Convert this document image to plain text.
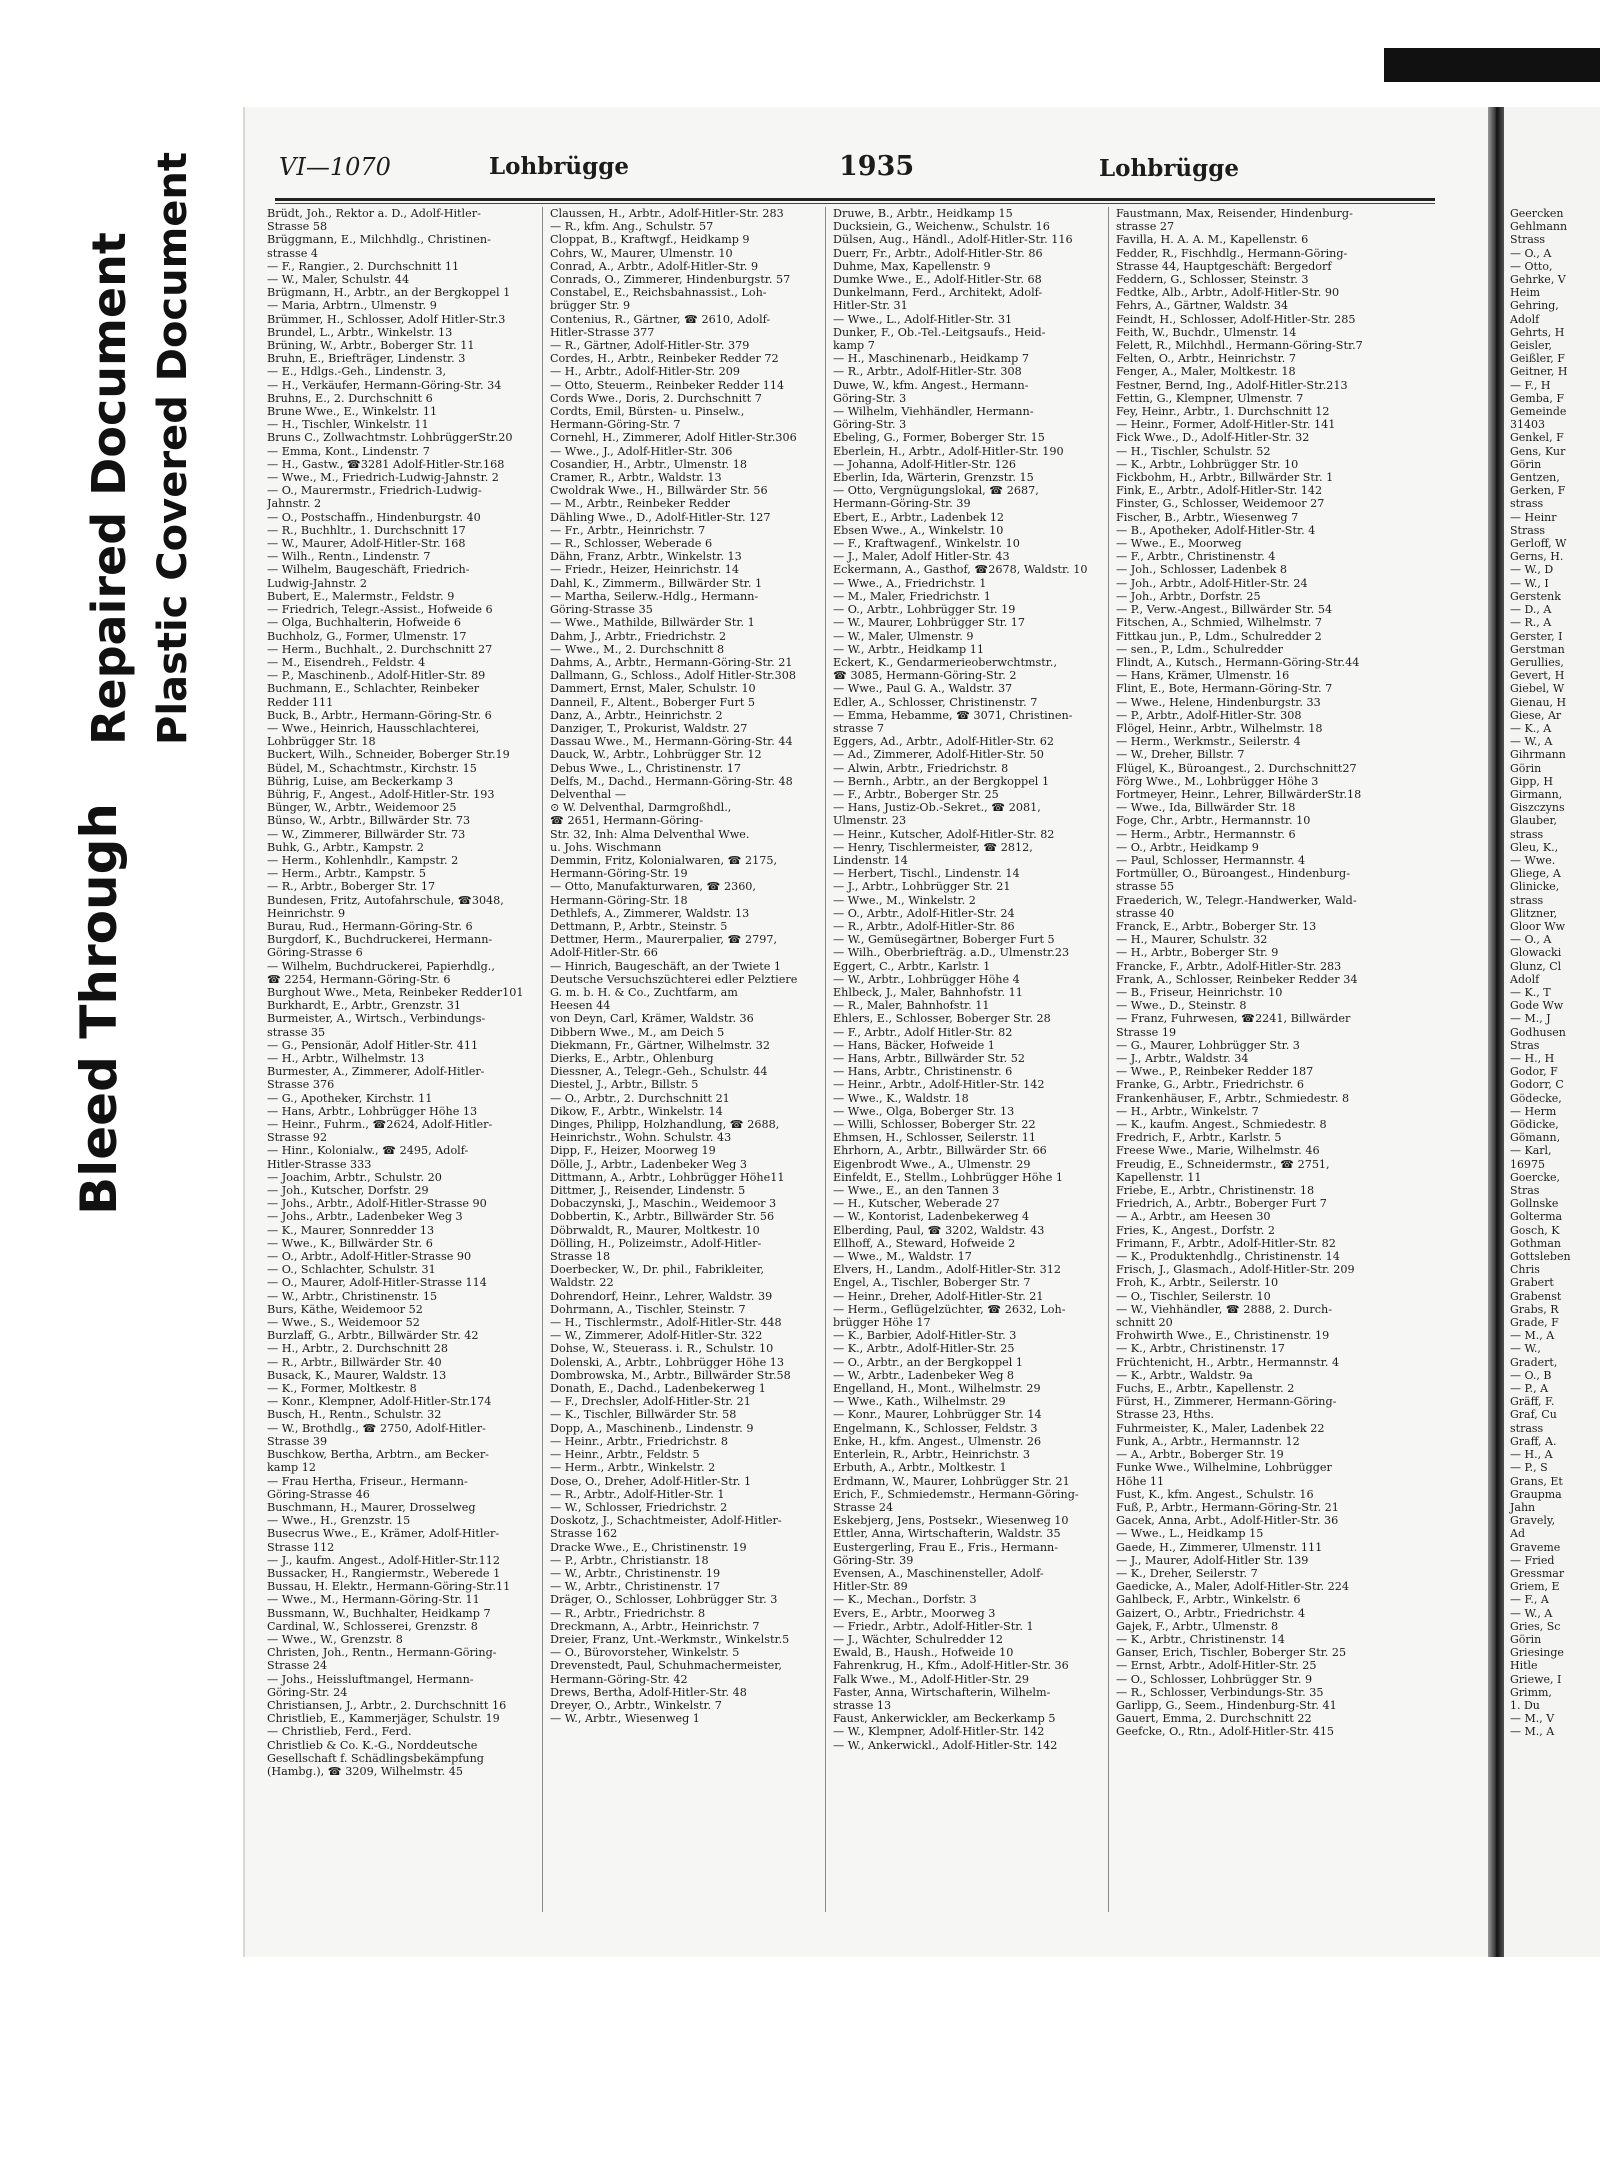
Bleed Through
Repaired Document Plastic Covered Document	VI—1070	Lohbrügge	1935	Lohbrügge
Brüdt, Joh., Rektor a. D., Adolf-Hitler-
Strasse 58
Brüggmann, E., Milchhdlg., Christinen-
strasse 4
— F., Rangier., 2. Durchschnitt 11
— W., Maler, Schulstr. 44
Brügmann, H., Arbtr., an der Bergkoppel 1
— Maria, Arbtrn., Ulmenstr. 9
Brümmer, H., Schlosser, Adolf Hitler-Str.3
Brundel, L., Arbtr., Winkelstr. 13
Brüning, W., Arbtr., Boberger Str. 11
Bruhn, E., Briefträger, Lindenstr. 3
— E., Hdlgs.-Geh., Lindenstr. 3,
— H., Verkäufer, Hermann-Göring-Str. 34
Bruhns, E., 2. Durchschnitt 6
Brune Wwe., E., Winkelstr. 11
— H., Tischler, Winkelstr. 11
Bruns C., Zollwachtmstr. LohbrüggerStr.20
— Emma, Kont., Lindenstr. 7
— H., Gastw., ☎3281 Adolf-Hitler-Str.168
— Wwe., M., Friedrich-Ludwig-Jahnstr. 2
— O., Maurermstr., Friedrich-Ludwig-
Jahnstr. 2
— O., Postschaffn., Hindenburgstr. 40
— R., Buchhltr., 1. Durchschnitt 17
— W., Maurer, Adolf-Hitler-Str. 168
— Wilh., Rentn., Lindenstr. 7
— Wilhelm, Baugeschäft, Friedrich-
Ludwig-Jahnstr. 2
Bubert, E., Malermstr., Feldstr. 9
— Friedrich, Telegr.-Assist., Hofweide 6
— Olga, Buchhalterin, Hofweide 6
Buchholz, G., Former, Ulmenstr. 17
— Herm., Buchhalt., 2. Durchschnitt 27
— M., Eisendreh., Feldstr. 4
— P., Maschinenb., Adolf-Hitler-Str. 89
Buchmann, E., Schlachter, Reinbeker
Redder 111
Buck, B., Arbtr., Hermann-Göring-Str. 6
— Wwe., Heinrich, Hausschlachterei,
Lohbrügger Str. 18
Buckert, Wilh., Schneider, Boberger Str.19
Büdel, M., Schachtmstr., Kirchstr. 15
Bührig, Luise, am Beckerkamp 3
Bührig, F., Angest., Adolf-Hitler-Str. 193
Bünger, W., Arbtr., Weidemoor 25
Bünso, W., Arbtr., Billwärder Str. 73
— W., Zimmerer, Billwärder Str. 73
Buhk, G., Arbtr., Kampstr. 2
— Herm., Kohlenhdlr., Kampstr. 2
— Herm., Arbtr., Kampstr. 5
— R., Arbtr., Boberger Str. 17
Bundesen, Fritz, Autofahrschule, ☎3048,
Heinrichstr. 9
Burau, Rud., Hermann-Göring-Str. 6
Burgdorf, K., Buchdruckerei, Hermann-
Göring-Strasse 6
— Wilhelm, Buchdruckerei, Papierhdlg.,
☎ 2254, Hermann-Göring-Str. 6
Burghout Wwe., Meta, Reinbeker Redder101
Burkhardt, E., Arbtr., Grenzstr. 31
Burmeister, A., Wirtsch., Verbindungs-
strasse 35
— G., Pensionär, Adolf Hitler-Str. 411
— H., Arbtr., Wilhelmstr. 13
Burmester, A., Zimmerer, Adolf-Hitler-
Strasse 376
— G., Apotheker, Kirchstr. 11
— Hans, Arbtr., Lohbrügger Höhe 13
— Heinr., Fuhrm., ☎2624, Adolf-Hitler-
Strasse 92
— Hinr., Kolonialw., ☎ 2495, Adolf-
Hitler-Strasse 333
— Joachim, Arbtr., Schulstr. 20
— Joh., Kutscher, Dorfstr. 29
— Johs., Arbtr., Adolf-Hitler-Strasse 90
— Johs., Arbtr., Ladenbeker Weg 3
— K., Maurer, Sonnredder 13
— Wwe., K., Billwärder Str. 6
— O., Arbtr., Adolf-Hitler-Strasse 90
— O., Schlachter, Schulstr. 31
— O., Maurer, Adolf-Hitler-Strasse 114
— W., Arbtr., Christinenstr. 15
Burs, Käthe, Weidemoor 52
— Wwe., S., Weidemoor 52
Burzlaff, G., Arbtr., Billwärder Str. 42
— H., Arbtr., 2. Durchschnitt 28
— R., Arbtr., Billwärder Str. 40
Busack, K., Maurer, Waldstr. 13
— K., Former, Moltkestr. 8
— Konr., Klempner, Adolf-Hitler-Str.174
Busch, H., Rentn., Schulstr. 32
— W., Brothdlg., ☎ 2750, Adolf-Hitler-
Strasse 39
Buschkow, Bertha, Arbtrn., am Becker-
kamp 12
— Frau Hertha, Friseur., Hermann-
Göring-Strasse 46
Buschmann, H., Maurer, Drosselweg
— Wwe., H., Grenzstr. 15
Busecrus Wwe., E., Krämer, Adolf-Hitler-
Strasse 112
— J., kaufm. Angest., Adolf-Hitler-Str.112
Bussacker, H., Rangiermstr., Weberede 1
Bussau, H. Elektr., Hermann-Göring-Str.11
— Wwe., M., Hermann-Göring-Str. 11
Bussmann, W., Buchhalter, Heidkamp 7
Cardinal, W., Schlosserei, Grenzstr. 8
— Wwe., W., Grenzstr. 8
Christen, Joh., Rentn., Hermann-Göring-
Strasse 24
— Johs., Heissluftmangel, Hermann-
Göring-Str. 24
Christiansen, J., Arbtr., 2. Durchschnitt 16
Christlieb, E., Kammerjäger, Schulstr. 19
— Christlieb, Ferd., Ferd.
Christlieb & Co. K.-G., Norddeutsche
Gesellschaft f. Schädlingsbekämpfung
(Hambg.), ☎ 3209, Wilhelmstr. 45
Claussen, H., Arbtr., Adolf-Hitler-Str. 283
— R., kfm. Ang., Schulstr. 57
Cloppat, B., Kraftwgf., Heidkamp 9
Cohrs, W., Maurer, Ulmenstr. 10
Conrad, A., Arbtr., Adolf-Hitler-Str. 9
Conrads, O., Zimmerer, Hindenburgstr. 57
Constabel, E., Reichsbahnassist., Loh-
brügger Str. 9
Contenius, R., Gärtner, ☎ 2610, Adolf-
Hitler-Strasse 377
— R., Gärtner, Adolf-Hitler-Str. 379
Cordes, H., Arbtr., Reinbeker Redder 72
— H., Arbtr., Adolf-Hitler-Str. 209
— Otto, Steuerm., Reinbeker Redder 114
Cords Wwe., Doris, 2. Durchschnitt 7
Cordts, Emil, Bürsten- u. Pinselw.,
Hermann-Göring-Str. 7
Cornehl, H., Zimmerer, Adolf Hitler-Str.306
— Wwe., J., Adolf-Hitler-Str. 306
Cosandier, H., Arbtr., Ulmenstr. 18
Cramer, R., Arbtr., Waldstr. 13
Cwoldrak Wwe., H., Billwärder Str. 56
— M., Arbtr., Reinbeker Redder
Dähling Wwe., D., Adolf-Hitler-Str. 127
— Fr., Arbtr., Heinrichstr. 7
— R., Schlosser, Weberade 6
Dähn, Franz, Arbtr., Winkelstr. 13
— Friedr., Heizer, Heinrichstr. 14
Dahl, K., Zimmerm., Billwärder Str. 1
— Martha, Seilerw.-Hdlg., Hermann-
Göring-Strasse 35
— Wwe., Mathilde, Billwärder Str. 1
Dahm, J., Arbtr., Friedrichstr. 2
— Wwe., M., 2. Durchschnitt 8
Dahms, A., Arbtr., Hermann-Göring-Str. 21
Dallmann, G., Schloss., Adolf Hitler-Str.308
Dammert, Ernst, Maler, Schulstr. 10
Danneil, F., Altent., Boberger Furt 5
Danz, A., Arbtr., Heinrichstr. 2
Danziger, T., Prokurist, Waldstr. 27
Dassau Wwe., M., Hermann-Göring-Str. 44
Dauck, W., Arbtr., Lohbrügger Str. 12
Debus Wwe., L., Christinenstr. 17
Delfs, M., Dachd., Hermann-Göring-Str. 48
Delventhal —
⊙ W. Delventhal, Darmgroßhdl.,
☎ 2651, Hermann-Göring-
Str. 32, Inh: Alma Delventhal Wwe.
u. Johs. Wischmann
Demmin, Fritz, Kolonialwaren, ☎ 2175,
Hermann-Göring-Str. 19
— Otto, Manufakturwaren, ☎ 2360,
Hermann-Göring-Str. 18
Dethlefs, A., Zimmerer, Waldstr. 13
Dettmann, P., Arbtr., Steinstr. 5
Dettmer, Herm., Maurerpalier, ☎ 2797,
Adolf-Hitler-Str. 66
— Hinrich, Baugeschäft, an der Twiete 1
Deutsche Versuchszüchterei edler Pelztiere
G. m. b. H. & Co., Zuchtfarm, am
Heesen 44
von Deyn, Carl, Krämer, Waldstr. 36
Dibbern Wwe., M., am Deich 5
Diekmann, Fr., Gärtner, Wilhelmstr. 32
Dierks, E., Arbtr., Ohlenburg
Diessner, A., Telegr.-Geh., Schulstr. 44
Diestel, J., Arbtr., Billstr. 5
— O., Arbtr., 2. Durchschnitt 21
Dikow, F., Arbtr., Winkelstr. 14
Dinges, Philipp, Holzhandlung, ☎ 2688,
Heinrichstr., Wohn. Schulstr. 43
Dipp, F., Heizer, Moorweg 19
Dölle, J., Arbtr., Ladenbeker Weg 3
Dittmann, A., Arbtr., Lohbrügger Höhe11
Dittmer, J., Reisender, Lindenstr. 5
Dobaczynski, J., Maschin., Weidemoor 3
Dobbertin, K., Arbtr., Billwärder Str. 56
Döbrwaldt, R., Maurer, Moltkestr. 10
Dölling, H., Polizeimstr., Adolf-Hitler-
Strasse 18
Doerbecker, W., Dr. phil., Fabrikleiter,
Waldstr. 22
Dohrendorf, Heinr., Lehrer, Waldstr. 39
Dohrmann, A., Tischler, Steinstr. 7
— H., Tischlermstr., Adolf-Hitler-Str. 448
— W., Zimmerer, Adolf-Hitler-Str. 322
Dohse, W., Steuerass. i. R., Schulstr. 10
Dolenski, A., Arbtr., Lohbrügger Höhe 13
Dombrowska, M., Arbtr., Billwärder Str.58
Donath, E., Dachd., Ladenbekerweg 1
— F., Drechsler, Adolf-Hitler-Str. 21
— K., Tischler, Billwärder Str. 58
Dopp, A., Maschinenb., Lindenstr. 9
— Heinr., Arbtr., Friedrichstr. 8
— Heinr., Arbtr., Feldstr. 5
— Herm., Arbtr., Winkelstr. 2
Dose, O., Dreher, Adolf-Hitler-Str. 1
— R., Arbtr., Adolf-Hitler-Str. 1
— W., Schlosser, Friedrichstr. 2
Doskotz, J., Schachtmeister, Adolf-Hitler-
Strasse 162
Dracke Wwe., E., Christinenstr. 19
— P., Arbtr., Christianstr. 18
— W., Arbtr., Christinenstr. 19
— W., Arbtr., Christinenstr. 17
Dräger, O., Schlosser, Lohbrügger Str. 3
— R., Arbtr., Friedrichstr. 8
Dreckmann, A., Arbtr., Heinrichstr. 7
Dreier, Franz, Unt.-Werkmstr., Winkelstr.5
— O., Bürovorsteher, Winkelstr. 5
Drevenstedt, Paul, Schuhmachermeister,
Hermann-Göring-Str. 42
Drews, Bertha, Adolf-Hitler-Str. 48
Dreyer, O., Arbtr., Winkelstr. 7
— W., Arbtr., Wiesenweg 1
Druwe, B., Arbtr., Heidkamp 15
Ducksiein, G., Weichenw., Schulstr. 16
Dülsen, Aug., Händl., Adolf-Hitler-Str. 116
Duerr, Fr., Arbtr., Adolf-Hitler-Str. 86
Duhme, Max, Kapellenstr. 9
Dumke Wwe., E., Adolf-Hitler-Str. 68
Dunkelmann, Ferd., Architekt, Adolf-
Hitler-Str. 31
— Wwe., L., Adolf-Hitler-Str. 31
Dunker, F., Ob.-Tel.-Leitgsaufs., Heid-
kamp 7
— H., Maschinenarb., Heidkamp 7
— R., Arbtr., Adolf-Hitler-Str. 308
Duwe, W., kfm. Angest., Hermann-
Göring-Str. 3
— Wilhelm, Viehhändler, Hermann-
Göring-Str. 3
Ebeling, G., Former, Boberger Str. 15
Eberlein, H., Arbtr., Adolf-Hitler-Str. 190
— Johanna, Adolf-Hitler-Str. 126
Eberlin, Ida, Wärterin, Grenzstr. 15
— Otto, Vergnügungslokal, ☎ 2687,
Hermann-Göring-Str. 39
Ebert, E., Arbtr., Ladenbek 12
Ebsen Wwe., A., Winkelstr. 10
— F., Kraftwagenf., Winkelstr. 10
— J., Maler, Adolf Hitler-Str. 43
Eckermann, A., Gasthof, ☎2678, Waldstr. 10
— Wwe., A., Friedrichstr. 1
— M., Maler, Friedrichstr. 1
— O., Arbtr., Lohbrügger Str. 19
— W., Maurer, Lohbrügger Str. 17
— W., Maler, Ulmenstr. 9
— W., Arbtr., Heidkamp 11
Eckert, K., Gendarmerieoberwchtmstr.,
☎ 3085, Hermann-Göring-Str. 2
— Wwe., Paul G. A., Waldstr. 37
Edler, A., Schlosser, Christinenstr. 7
— Emma, Hebamme, ☎ 3071, Christinen-
strasse 7
Eggers, Ad., Arbtr., Adolf-Hitler-Str. 62
— Ad., Zimmerer, Adolf-Hitler-Str. 50
— Alwin, Arbtr., Friedrichstr. 8
— Bernh., Arbtr., an der Bergkoppel 1
— F., Arbtr., Boberger Str. 25
— Hans, Justiz-Ob.-Sekret., ☎ 2081,
Ulmenstr. 23
— Heinr., Kutscher, Adolf-Hitler-Str. 82
— Henry, Tischlermeister, ☎ 2812,
Lindenstr. 14
— Herbert, Tischl., Lindenstr. 14
— J., Arbtr., Lohbrügger Str. 21
— Wwe., M., Winkelstr. 2
— O., Arbtr., Adolf-Hitler-Str. 24
— R., Arbtr., Adolf-Hitler-Str. 86
— W., Gemüsegärtner, Boberger Furt 5
— Wilh., Oberbriefträg. a.D., Ulmenstr.23
Eggert, C., Arbtr., Karlstr. 1
— W., Arbtr., Lohbrügger Höhe 4
Ehlbeck, J., Maler, Bahnhofstr. 11
— R., Maler, Bahnhofstr. 11
Ehlers, E., Schlosser, Boberger Str. 28
— F., Arbtr., Adolf Hitler-Str. 82
— Hans, Bäcker, Hofweide 1
— Hans, Arbtr., Billwärder Str. 52
— Hans, Arbtr., Christinenstr. 6
— Heinr., Arbtr., Adolf-Hitler-Str. 142
— Wwe., K., Waldstr. 18
— Wwe., Olga, Boberger Str. 13
— Willi, Schlosser, Boberger Str. 22
Ehmsen, H., Schlosser, Seilerstr. 11
Ehrhorn, A., Arbtr., Billwärder Str. 66
Eigenbrodt Wwe., A., Ulmenstr. 29
Einfeldt, E., Stellm., Lohbrügger Höhe 1
— Wwe., E., an den Tannen 3
— H., Kutscher, Weberade 27
— W., Kontorist, Ladenbekerweg 4
Elberding, Paul, ☎ 3202, Waldstr. 43
Ellhoff, A., Steward, Hofweide 2
— Wwe., M., Waldstr. 17
Elvers, H., Landm., Adolf-Hitler-Str. 312
Engel, A., Tischler, Boberger Str. 7
— Heinr., Dreher, Adolf-Hitler-Str. 21
— Herm., Geflügelzüchter, ☎ 2632, Loh-
brügger Höhe 17
— K., Barbier, Adolf-Hitler-Str. 3
— K., Arbtr., Adolf-Hitler-Str. 25
— O., Arbtr., an der Bergkoppel 1
— W., Arbtr., Ladenbeker Weg 8
Engelland, H., Mont., Wilhelmstr. 29
— Wwe., Kath., Wilhelmstr. 29
— Konr., Maurer, Lohbrügger Str. 14
Engelmann, K., Schlosser, Feldstr. 3
Enke, H., kfm. Angest., Ulmenstr. 26
Enterlein, R., Arbtr., Heinrichstr. 3
Erbuth, A., Arbtr., Moltkestr. 1
Erdmann, W., Maurer, Lohbrügger Str. 21
Erich, F., Schmiedemstr., Hermann-Göring-
Strasse 24
Eskebjerg, Jens, Postsekr., Wiesenweg 10
Ettler, Anna, Wirtschafterin, Waldstr. 35
Eustergerling, Frau E., Fris., Hermann-
Göring-Str. 39
Evensen, A., Maschinensteller, Adolf-
Hitler-Str. 89
— K., Mechan., Dorfstr. 3
Evers, E., Arbtr., Moorweg 3
— Friedr., Arbtr., Adolf-Hitler-Str. 1
— J., Wächter, Schulredder 12
Ewald, B., Haush., Hofweide 10
Fahrenkrug, H., Kfm., Adolf-Hitler-Str. 36
Falk Wwe., M., Adolf-Hitler-Str. 29
Faster, Anna, Wirtschafterin, Wilhelm-
strasse 13
Faust, Ankerwickler, am Beckerkamp 5
— W., Klempner, Adolf-Hitler-Str. 142
— W., Ankerwickl., Adolf-Hitler-Str. 142
Faustmann, Max, Reisender, Hindenburg-
strasse 27
Favilla, H. A. A. M., Kapellenstr. 6
Fedder, R., Fischhdlg., Hermann-Göring-
Strasse 44, Hauptgeschäft: Bergedorf
Feddern, G., Schlosser, Steinstr. 3
Fedtke, Alb., Arbtr., Adolf-Hitler-Str. 90
Fehrs, A., Gärtner, Waldstr. 34
Feindt, H., Schlosser, Adolf-Hitler-Str. 285
Feith, W., Buchdr., Ulmenstr. 14
Felett, R., Milchhdl., Hermann-Göring-Str.7
Felten, O., Arbtr., Heinrichstr. 7
Fenger, A., Maler, Moltkestr. 18
Festner, Bernd, Ing., Adolf-Hitler-Str.213
Fettin, G., Klempner, Ulmenstr. 7
Fey, Heinr., Arbtr., 1. Durchschnitt 12
— Heinr., Former, Adolf-Hitler-Str. 141
Fick Wwe., D., Adolf-Hitler-Str. 32
— H., Tischler, Schulstr. 52
— K., Arbtr., Lohbrügger Str. 10
Fickbohm, H., Arbtr., Billwärder Str. 1
Fink, E., Arbtr., Adolf-Hitler-Str. 142
Finster, G., Schlosser, Weidemoor 27
Fischer, B., Arbtr., Wiesenweg 7
— B., Apotheker, Adolf-Hitler-Str. 4
— Wwe., E., Moorweg
— F., Arbtr., Christinenstr. 4
— Joh., Schlosser, Ladenbek 8
— Joh., Arbtr., Adolf-Hitler-Str. 24
— Joh., Arbtr., Dorfstr. 25
— P., Verw.-Angest., Billwärder Str. 54
Fitschen, A., Schmied, Wilhelmstr. 7
Fittkau jun., P., Ldm., Schulredder 2
— sen., P., Ldm., Schulredder
Flindt, A., Kutsch., Hermann-Göring-Str.44
— Hans, Krämer, Ulmenstr. 16
Flint, E., Bote, Hermann-Göring-Str. 7
— Wwe., Helene, Hindenburgstr. 33
— P., Arbtr., Adolf-Hitler-Str. 308
Flögel, Heinr., Arbtr., Wilhelmstr. 18
— Herm., Werkmstr., Seilerstr. 4
— W., Dreher, Billstr. 7
Flügel, K., Büroangest., 2. Durchschnitt27
Förg Wwe., M., Lohbrügger Höhe 3
Fortmeyer, Heinr., Lehrer, BillwärderStr.18
— Wwe., Ida, Billwärder Str. 18
Foge, Chr., Arbtr., Hermannstr. 10
— Herm., Arbtr., Hermannstr. 6
— O., Arbtr., Heidkamp 9
— Paul, Schlosser, Hermannstr. 4
Fortmüller, O., Büroangest., Hindenburg-
strasse 55
Fraederich, W., Telegr.-Handwerker, Wald-
strasse 40
Franck, E., Arbtr., Boberger Str. 13
— H., Maurer, Schulstr. 32
— H., Arbtr., Boberger Str. 9
Francke, F., Arbtr., Adolf-Hitler-Str. 283
Frank, A., Schlosser, Reinbeker Redder 34
— B., Friseur, Heinrichstr. 10
— Wwe., D., Steinstr. 8
— Franz, Fuhrwesen, ☎2241, Billwärder
Strasse 19
— G., Maurer, Lohbrügger Str. 3
— J., Arbtr., Waldstr. 34
— Wwe., P., Reinbeker Redder 187
Franke, G., Arbtr., Friedrichstr. 6
Frankenhäuser, F., Arbtr., Schmiedestr. 8
— H., Arbtr., Winkelstr. 7
— K., kaufm. Angest., Schmiedestr. 8
Fredrich, F., Arbtr., Karlstr. 5
Freese Wwe., Marie, Wilhelmstr. 46
Freudig, E., Schneidermstr., ☎ 2751,
Kapellenstr. 11
Friebe, E., Arbtr., Christinenstr. 18
Friedrich, A., Arbtr., Boberger Furt 7
— A., Arbtr., am Heesen 30
Fries, K., Angest., Dorfstr. 2
Frimann, F., Arbtr., Adolf-Hitler-Str. 82
— K., Produktenhdlg., Christinenstr. 14
Frisch, J., Glasmach., Adolf-Hitler-Str. 209
Froh, K., Arbtr., Seilerstr. 10
— O., Tischler, Seilerstr. 10
— W., Viehhändler, ☎ 2888, 2. Durch-
schnitt 20
Frohwirth Wwe., E., Christinenstr. 19
— K., Arbtr., Christinenstr. 17
Früchtenicht, H., Arbtr., Hermannstr. 4
— K., Arbtr., Waldstr. 9a
Fuchs, E., Arbtr., Kapellenstr. 2
Fürst, H., Zimmerer, Hermann-Göring-
Strasse 23, Hths.
Fuhrmeister, K., Maler, Ladenbek 22
Funk, A., Arbtr., Hermannstr. 12
— A., Arbtr., Boberger Str. 19
Funke Wwe., Wilhelmine, Lohbrügger
Höhe 11
Fust, K., kfm. Angest., Schulstr. 16
Fuß, P., Arbtr., Hermann-Göring-Str. 21
Gacek, Anna, Arbt., Adolf-Hitler-Str. 36
— Wwe., L., Heidkamp 15
Gaede, H., Zimmerer, Ulmenstr. 111
— J., Maurer, Adolf-Hitler Str. 139
— K., Dreher, Seilerstr. 7
Gaedicke, A., Maler, Adolf-Hitler-Str. 224
Gahlbeck, F., Arbtr., Winkelstr. 6
Gaizert, O., Arbtr., Friedrichstr. 4
Gajek, F., Arbtr., Ulmenstr. 8
— K., Arbtr., Christinenstr. 14
Ganser, Erich, Tischler, Boberger Str. 25
— Ernst, Arbtr., Adolf-Hitler-Str. 25
— O., Schlosser, Lohbrügger Str. 9
— R., Schlosser, Verbindungs-Str. 35
Garlipp, G., Seem., Hindenburg-Str. 41
Gauert, Emma, 2. Durchschnitt 22
Geefcke, O., Rtn., Adolf-Hitler-Str. 415
Geercken
Gehlmann
Strass
— O., A
— Otto,
Gehrke, V
Heim
Gehring,
Adolf
Gehrts, H
Geisler,
Geißler, F
Geitner, H
— F., H
Gemba, F
Gemeinde
31403
Genkel, F
Gens, Kur
Görin
Gentzen,
Gerken, F
strass
— Heinr
Strass
Gerloff, W
Gerns, H.
— W., D
— W., I
Gerstenk
— D., A
— R., A
Gerster, I
Gerstman
Gerullies,
Gevert, H
Giebel, W
Gienau, H
Giese, Ar
— K., A
— W., A
Gihrmann
Görin
Gipp, H
Girmann,
Giszczyns
Glauber,
strass
Gleu, K.,
— Wwe.
Gliege, A
Glinicke,
strass
Glitzner,
Gloor Ww
— O., A
Glowacki
Glunz, Cl
Adolf
— K., T
Gode Ww
— M., J
Godhusen
Stras
— H., H
Godor, F
Godorr, C
Gödecke,
— Herm
Gödicke,
Gömann,
— Karl,
16975
Goercke,
Stras
Gollnske
Golterma
Gosch, K
Gothman
Gottsleben
Chris
Grabert
Grabenst
Grabs, R
Grade, F
— M., A
— W.,
Gradert,
— O., B
— P., A
Gräff, F.
Graf, Cu
strass
Graff, A.
— H., A
— P., S
Grans, Et
Graupma
Jahn
Gravely,
Ad
Graveme
— Fried
Gressmar
Griem, E
— F., A
— W., A
Gries, Sc
Görin
Griesinge
Hitle
Griewe, I
Grimm,
1. Du
— M., V
— M., A
